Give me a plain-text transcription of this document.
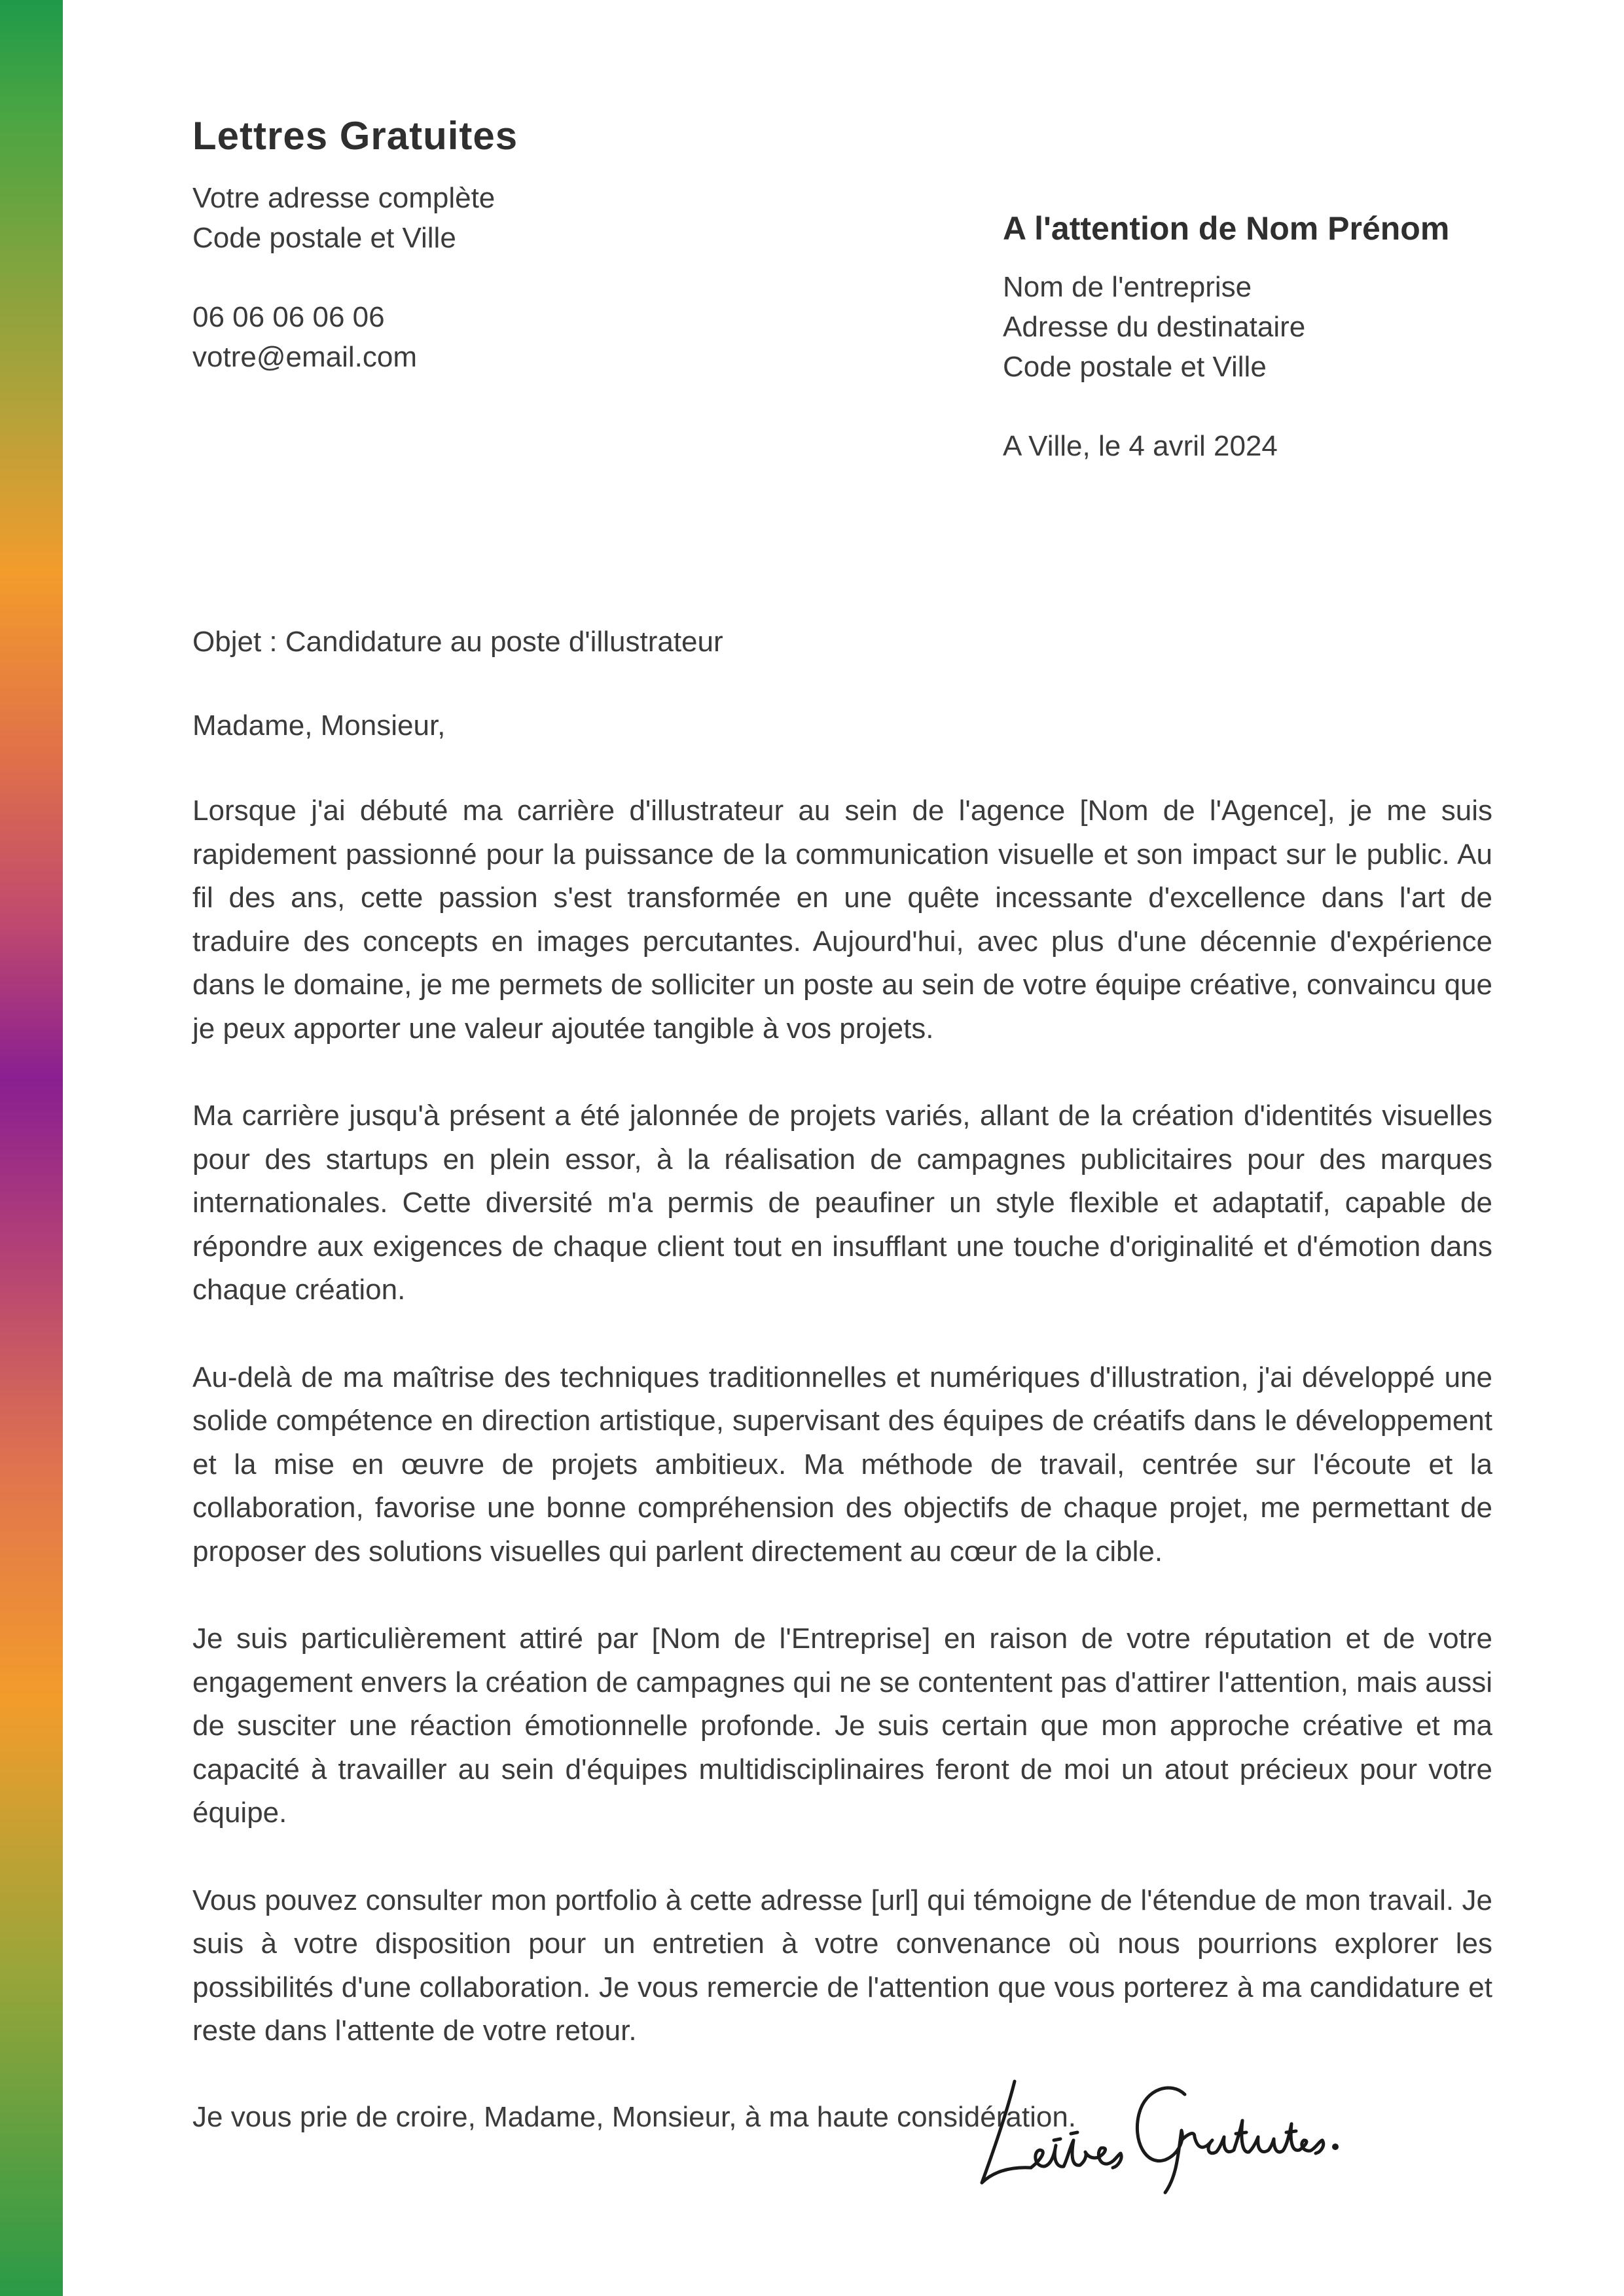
Lettres Gratuites
Votre adresse complète
Code postale et Ville
06 06 06 06 06
votre@email.com
A l'attention de Nom Prénom
Nom de l'entreprise
Adresse du destinataire
Code postale et Ville
A Ville, le 4 avril 2024

Objet : Candidature au poste d'illustrateur

Madame, Monsieur,

Lorsque j'ai débuté ma carrière d'illustrateur au sein de l'agence [Nom de l'Agence], je me suis rapidement passionné pour la puissance de la communication visuelle et son impact sur le public. Au fil des ans, cette passion s'est transformée en une quête incessante d'excellence dans l'art de traduire des concepts en images percutantes. Aujourd'hui, avec plus d'une décennie d'expérience dans le domaine, je me permets de solliciter un poste au sein de votre équipe créative, convaincu que je peux apporter une valeur ajoutée tangible à vos projets.

Ma carrière jusqu'à présent a été jalonnée de projets variés, allant de la création d'identités visuelles pour des startups en plein essor, à la réalisation de campagnes publicitaires pour des marques internationales. Cette diversité m'a permis de peaufiner un style flexible et adaptatif, capable de répondre aux exigences de chaque client tout en insufflant une touche d'originalité et d'émotion dans chaque création.

Au-delà de ma maîtrise des techniques traditionnelles et numériques d'illustration, j'ai développé une solide compétence en direction artistique, supervisant des équipes de créatifs dans le développement et la mise en œuvre de projets ambitieux. Ma méthode de travail, centrée sur l'écoute et la collaboration, favorise une bonne compréhension des objectifs de chaque projet, me permettant de proposer des solutions visuelles qui parlent directement au cœur de la cible.

Je suis particulièrement attiré par [Nom de l'Entreprise] en raison de votre réputation et de votre engagement envers la création de campagnes qui ne se contentent pas d'attirer l'attention, mais aussi de susciter une réaction émotionnelle profonde. Je suis certain que mon approche créative et ma capacité à travailler au sein d'équipes multidisciplinaires feront de moi un atout précieux pour votre équipe.

Vous pouvez consulter mon portfolio à cette adresse [url] qui témoigne de l'étendue de mon travail. Je suis à votre disposition pour un entretien à votre convenance où nous pourrions explorer les possibilités d'une collaboration. Je vous remercie de l'attention que vous porterez à ma candidature et reste dans l'attente de votre retour.

Je vous prie de croire, Madame, Monsieur, à ma haute considération.
